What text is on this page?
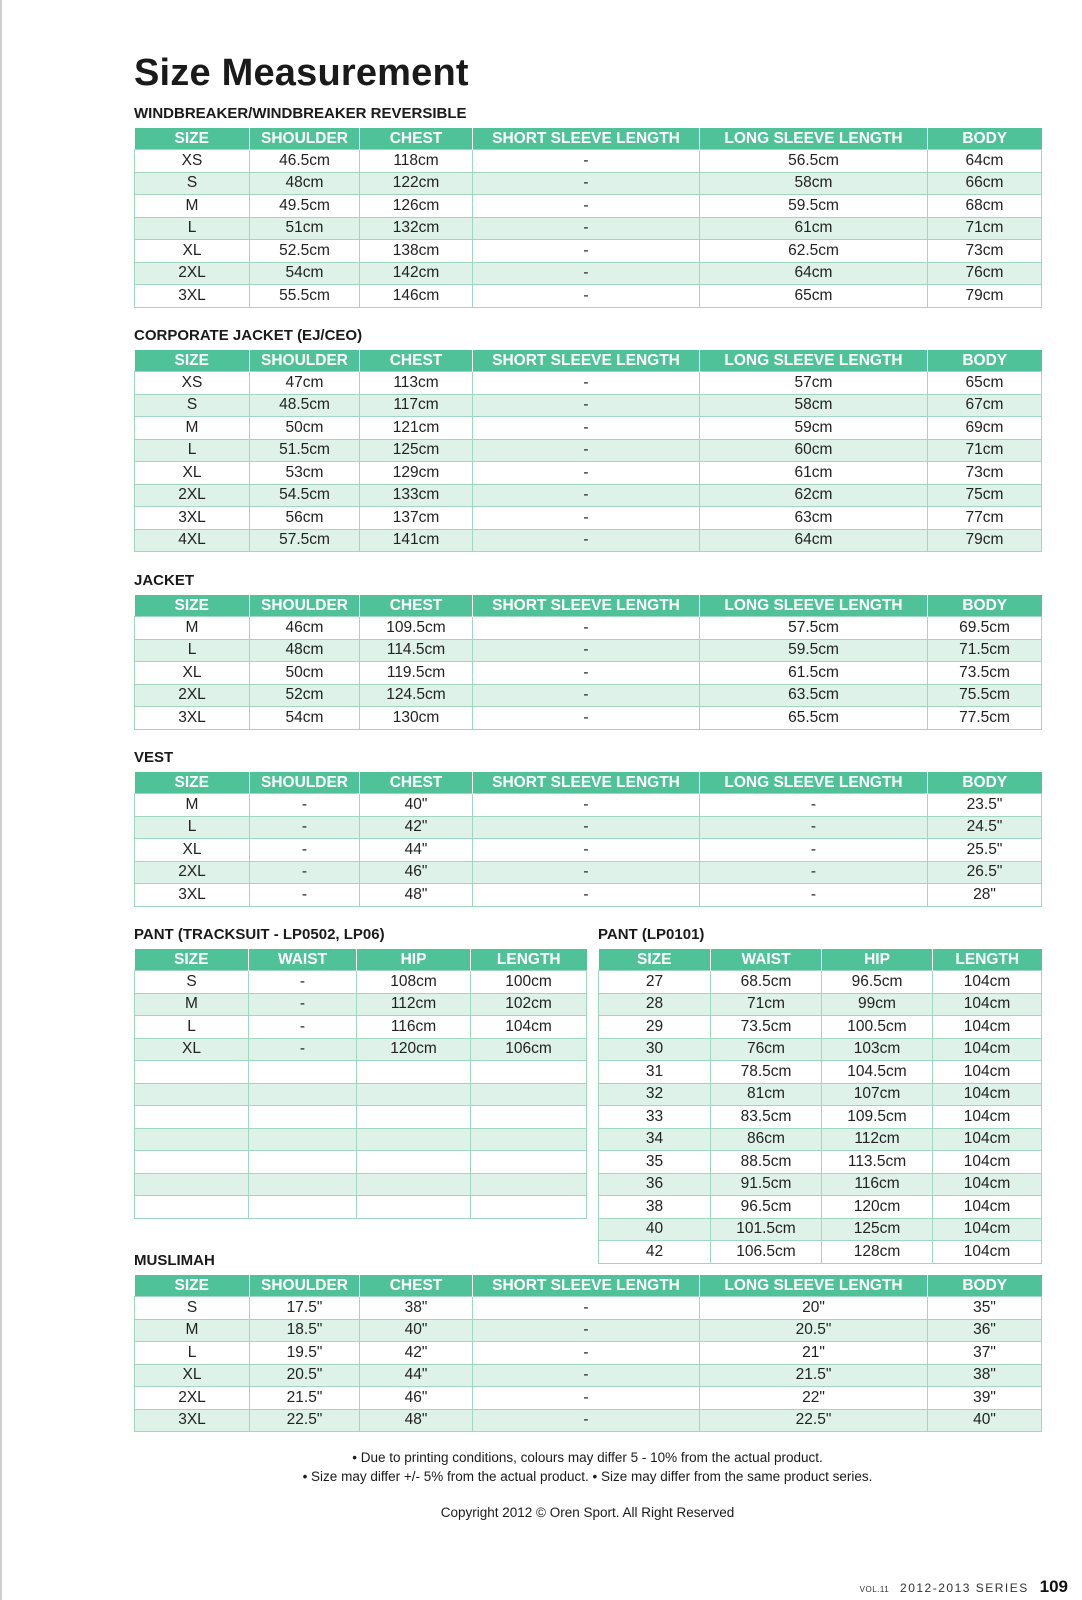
Size Measurement
WINDBREAKER/WINDBREAKER REVERSIBLE
SIZE	SHOULDER	CHEST	SHORT SLEEVE LENGTH	LONG SLEEVE LENGTH	BODY
XS	46.5cm	118cm	-	56.5cm	64cm
S	48cm	122cm	-	58cm	66cm
M	49.5cm	126cm	-	59.5cm	68cm
L	51cm	132cm	-	61cm	71cm
XL	52.5cm	138cm	-	62.5cm	73cm
2XL	54cm	142cm	-	64cm	76cm
3XL	55.5cm	146cm	-	65cm	79cm
CORPORATE JACKET (EJ/CEO)
SIZE	SHOULDER	CHEST	SHORT SLEEVE LENGTH	LONG SLEEVE LENGTH	BODY
XS	47cm	113cm	-	57cm	65cm
S	48.5cm	117cm	-	58cm	67cm
M	50cm	121cm	-	59cm	69cm
L	51.5cm	125cm	-	60cm	71cm
XL	53cm	129cm	-	61cm	73cm
2XL	54.5cm	133cm	-	62cm	75cm
3XL	56cm	137cm	-	63cm	77cm
4XL	57.5cm	141cm	-	64cm	79cm
JACKET
SIZE	SHOULDER	CHEST	SHORT SLEEVE LENGTH	LONG SLEEVE LENGTH	BODY
M	46cm	109.5cm	-	57.5cm	69.5cm
L	48cm	114.5cm	-	59.5cm	71.5cm
XL	50cm	119.5cm	-	61.5cm	73.5cm
2XL	52cm	124.5cm	-	63.5cm	75.5cm
3XL	54cm	130cm	-	65.5cm	77.5cm
VEST
SIZE	SHOULDER	CHEST	SHORT SLEEVE LENGTH	LONG SLEEVE LENGTH	BODY
M	-	40"	-	-	23.5"
L	-	42"	-	-	24.5"
XL	-	44"	-	-	25.5"
2XL	-	46"	-	-	26.5"
3XL	-	48"	-	-	28"
PANT (TRACKSUIT - LP0502, LP06)
SIZE	WAIST	HIP	LENGTH
S	-	108cm	100cm
M	-	112cm	102cm
L	-	116cm	104cm
XL	-	120cm	106cm

PANT (LP0101)
SIZE	WAIST	HIP	LENGTH
27	68.5cm	96.5cm	104cm
28	71cm	99cm	104cm
29	73.5cm	100.5cm	104cm
30	76cm	103cm	104cm
31	78.5cm	104.5cm	104cm
32	81cm	107cm	104cm
33	83.5cm	109.5cm	104cm
34	86cm	112cm	104cm
35	88.5cm	113.5cm	104cm
36	91.5cm	116cm	104cm
38	96.5cm	120cm	104cm
40	101.5cm	125cm	104cm
42	106.5cm	128cm	104cm
MUSLIMAH
SIZE	SHOULDER	CHEST	SHORT SLEEVE LENGTH	LONG SLEEVE LENGTH	BODY
S	17.5"	38"	-	20"	35"
M	18.5"	40"	-	20.5"	36"
L	19.5"	42"	-	21"	37"
XL	20.5"	44"	-	21.5"	38"
2XL	21.5"	46"	-	22"	39"
3XL	22.5"	48"	-	22.5"	40"

• Due to printing conditions, colours may differ 5 - 10% from the actual product.

• Size may differ +/- 5% from the actual product. • Size may differ from the same product series.

Copyright 2012 © Oren Sport. All Right Reserved
VOL.11 2012-2013 SERIES 109
